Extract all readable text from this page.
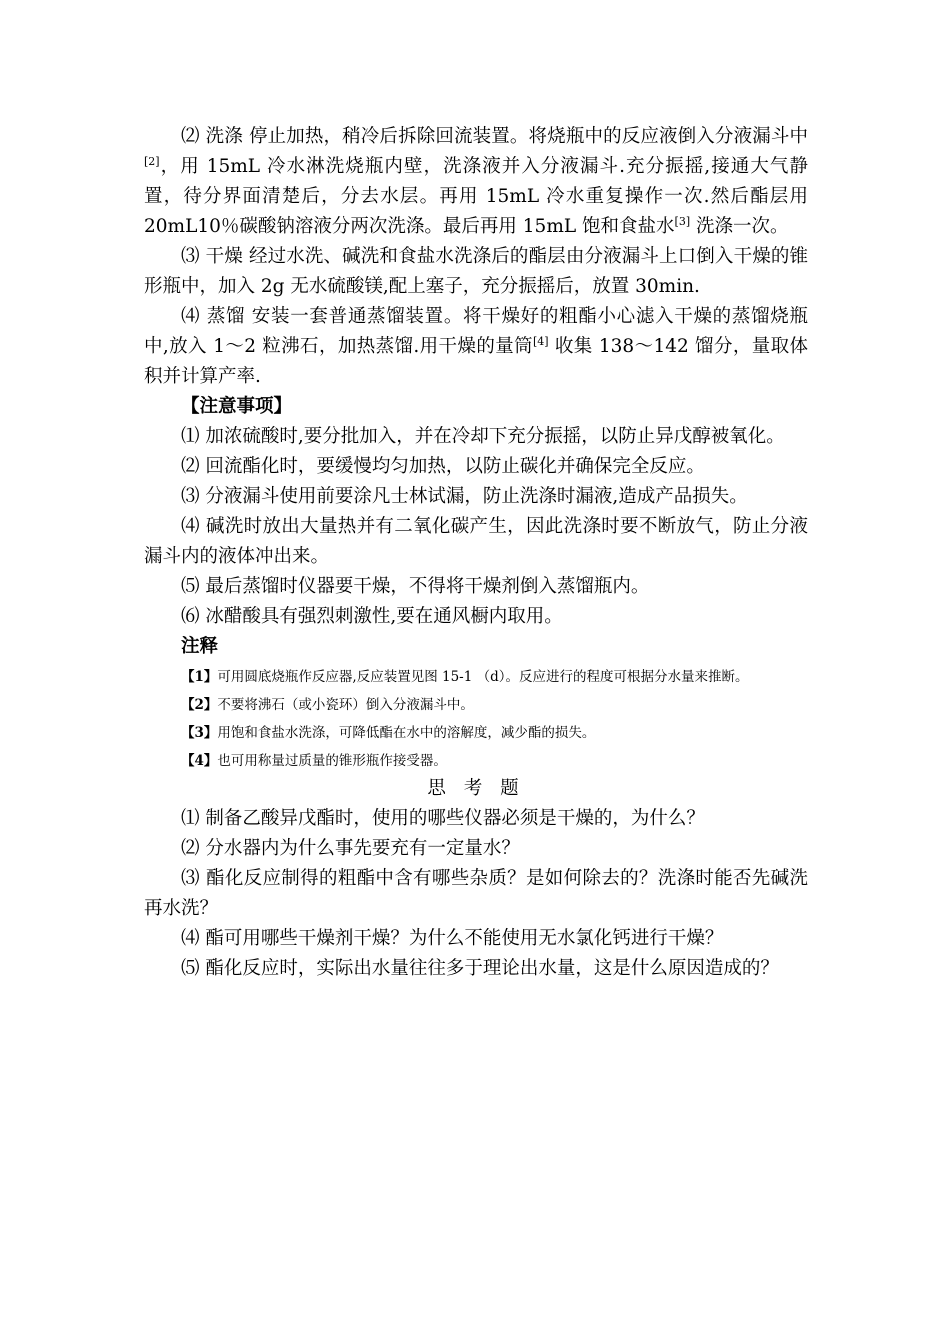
⑵ 洗涤 停止加热，稍冷后拆除回流装置。将烧瓶中的反应液倒入分液漏斗中[2]，用 15mL 冷水淋洗烧瓶内壁，洗涤液并入分液漏斗.充分振摇,接通大气静置，待分界面清楚后，分去水层。再用 15mL 冷水重复操作一次.然后酯层用 20mL10％碳酸钠溶液分两次洗涤。最后再用 15mL 饱和食盐水[3] 洗涤一次。

⑶ 干燥 经过水洗、碱洗和食盐水洗涤后的酯层由分液漏斗上口倒入干燥的锥形瓶中，加入 2g 无水硫酸镁,配上塞子，充分振摇后，放置 30min.

⑷ 蒸馏 安装一套普通蒸馏装置。将干燥好的粗酯小心滤入干燥的蒸馏烧瓶中,放入 1～2 粒沸石，加热蒸馏.用干燥的量筒[4] 收集 138～142 馏分，量取体积并计算产率.

【注意事项】

⑴ 加浓硫酸时,要分批加入，并在冷却下充分振摇，以防止异戊醇被氧化。

⑵ 回流酯化时，要缓慢均匀加热，以防止碳化并确保完全反应。

⑶ 分液漏斗使用前要涂凡士林试漏，防止洗涤时漏液,造成产品损失。

⑷ 碱洗时放出大量热并有二氧化碳产生，因此洗涤时要不断放气，防止分液漏斗内的液体冲出来。

⑸ 最后蒸馏时仪器要干燥，不得将干燥剂倒入蒸馏瓶内。

⑹ 冰醋酸具有强烈刺激性,要在通风橱内取用。

注释

【1】可用圆底烧瓶作反应器,反应装置见图 15-1 （d）。反应进行的程度可根据分水量来推断。

【2】不要将沸石（或小瓷环）倒入分液漏斗中。

【3】用饱和食盐水洗涤，可降低酯在水中的溶解度，减少酯的损失。

【4】也可用称量过质量的锥形瓶作接受器。

思 考 题

⑴ 制备乙酸异戊酯时，使用的哪些仪器必须是干燥的，为什么？

⑵ 分水器内为什么事先要充有一定量水？

⑶ 酯化反应制得的粗酯中含有哪些杂质？是如何除去的？洗涤时能否先碱洗再水洗？

⑷ 酯可用哪些干燥剂干燥？为什么不能使用无水氯化钙进行干燥？

⑸ 酯化反应时，实际出水量往往多于理论出水量，这是什么原因造成的？
